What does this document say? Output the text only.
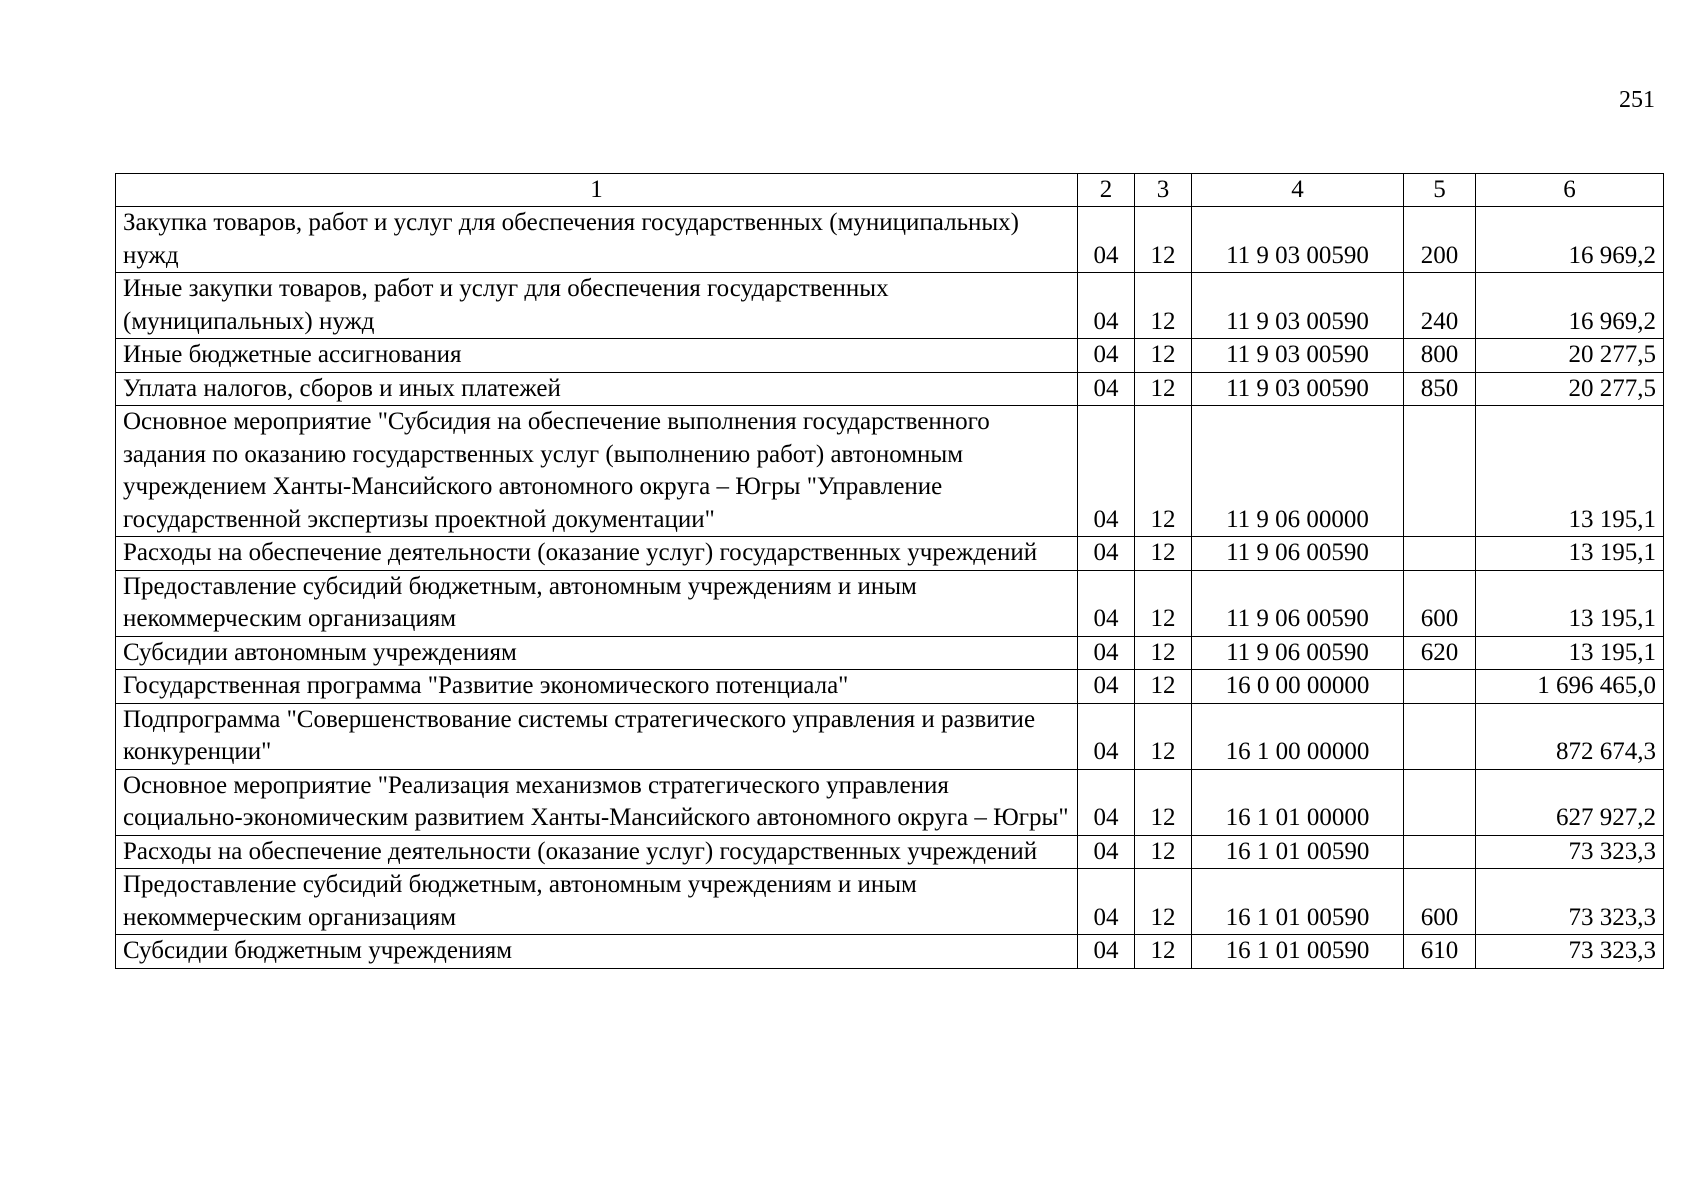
251
1	2	3	4	5	6
Закупка товаров, работ и услуг для обеспечения государственных (муниципальных) нужд	04	12	11 9 03 00590	200	16 969,2
Иные закупки товаров, работ и услуг для обеспечения государственных (муниципальных) нужд	04	12	11 9 03 00590	240	16 969,2
Иные бюджетные ассигнования	04	12	11 9 03 00590	800	20 277,5
Уплата налогов, сборов и иных платежей	04	12	11 9 03 00590	850	20 277,5
Основное мероприятие "Субсидия на обеспечение выполнения государственного задания по оказанию государственных услуг (выполнению работ) автономным учреждением Ханты-Мансийского автономного округа – Югры "Управление государственной экспертизы проектной документации"	04	12	11 9 06 00000		13 195,1
Расходы на обеспечение деятельности (оказание услуг) государственных учреждений	04	12	11 9 06 00590		13 195,1
Предоставление субсидий бюджетным, автономным учреждениям и иным некоммерческим организациям	04	12	11 9 06 00590	600	13 195,1
Субсидии автономным учреждениям	04	12	11 9 06 00590	620	13 195,1
Государственная программа "Развитие экономического потенциала"	04	12	16 0 00 00000		1 696 465,0
Подпрограмма "Совершенствование системы стратегического управления и развитие конкуренции"	04	12	16 1 00 00000		872 674,3
Основное мероприятие "Реализация механизмов стратегического управления социально-экономическим развитием Ханты-Мансийского автономного округа – Югры"	04	12	16 1 01 00000		627 927,2
Расходы на обеспечение деятельности (оказание услуг) государственных учреждений	04	12	16 1 01 00590		73 323,3
Предоставление субсидий бюджетным, автономным учреждениям и иным некоммерческим организациям	04	12	16 1 01 00590	600	73 323,3
Субсидии бюджетным учреждениям	04	12	16 1 01 00590	610	73 323,3
